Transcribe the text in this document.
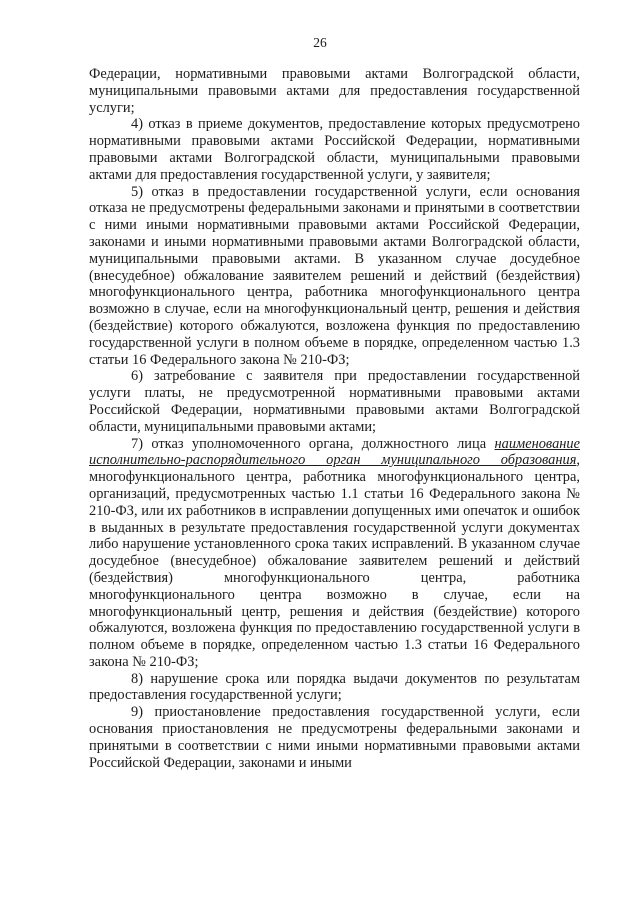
26

Федерации, нормативными правовыми актами Волгоградской области, муниципальными правовыми актами для предоставления государственной услуги;

4) отказ в приеме документов, предоставление которых предусмотрено нормативными правовыми актами Российской Федерации, нормативными правовыми актами Волгоградской области, муниципальными правовыми актами для предоставления государственной услуги, у заявителя;

5) отказ в предоставлении государственной услуги, если основания отказа не предусмотрены федеральными законами и принятыми в соответствии с ними иными нормативными правовыми актами Российской Федерации, законами и иными нормативными правовыми актами Волгоградской области, муниципальными правовыми актами. В указанном случае досудебное (внесудебное) обжалование заявителем решений и действий (бездействия) многофункционального центра, работника многофункционального центра возможно в случае, если на многофункциональный центр, решения и действия (бездействие) которого обжалуются, возложена функция по предоставлению государственной услуги в полном объеме в порядке, определенном частью 1.3 статьи 16 Федерального закона № 210-ФЗ;

6) затребование с заявителя при предоставлении государственной услуги платы, не предусмотренной нормативными правовыми актами Российской Федерации, нормативными правовыми актами Волгоградской области, муниципальными правовыми актами;

7) отказ уполномоченного органа, должностного лица наименование исполнительно-распорядительного орган муниципального образования, многофункционального центра, работника многофункционального центра, организаций, предусмотренных частью 1.1 статьи 16 Федерального закона № 210-ФЗ, или их работников в исправлении допущенных ими опечаток и ошибок в выданных в результате предоставления государственной услуги документах либо нарушение установленного срока таких исправлений. В указанном случае досудебное (внесудебное) обжалование заявителем решений и действий (бездействия) многофункционального центра, работника многофункционального центра возможно в случае, если на многофункциональный центр, решения и действия (бездействие) которого обжалуются, возложена функция по предоставлению государственной услуги в полном объеме в порядке, определенном частью 1.3 статьи 16 Федерального закона № 210-ФЗ;

8) нарушение срока или порядка выдачи документов по результатам предоставления государственной услуги;

9) приостановление предоставления государственной услуги, если основания приостановления не предусмотрены федеральными законами и принятыми в соответствии с ними иными нормативными правовыми актами Российской Федерации, законами и иными
